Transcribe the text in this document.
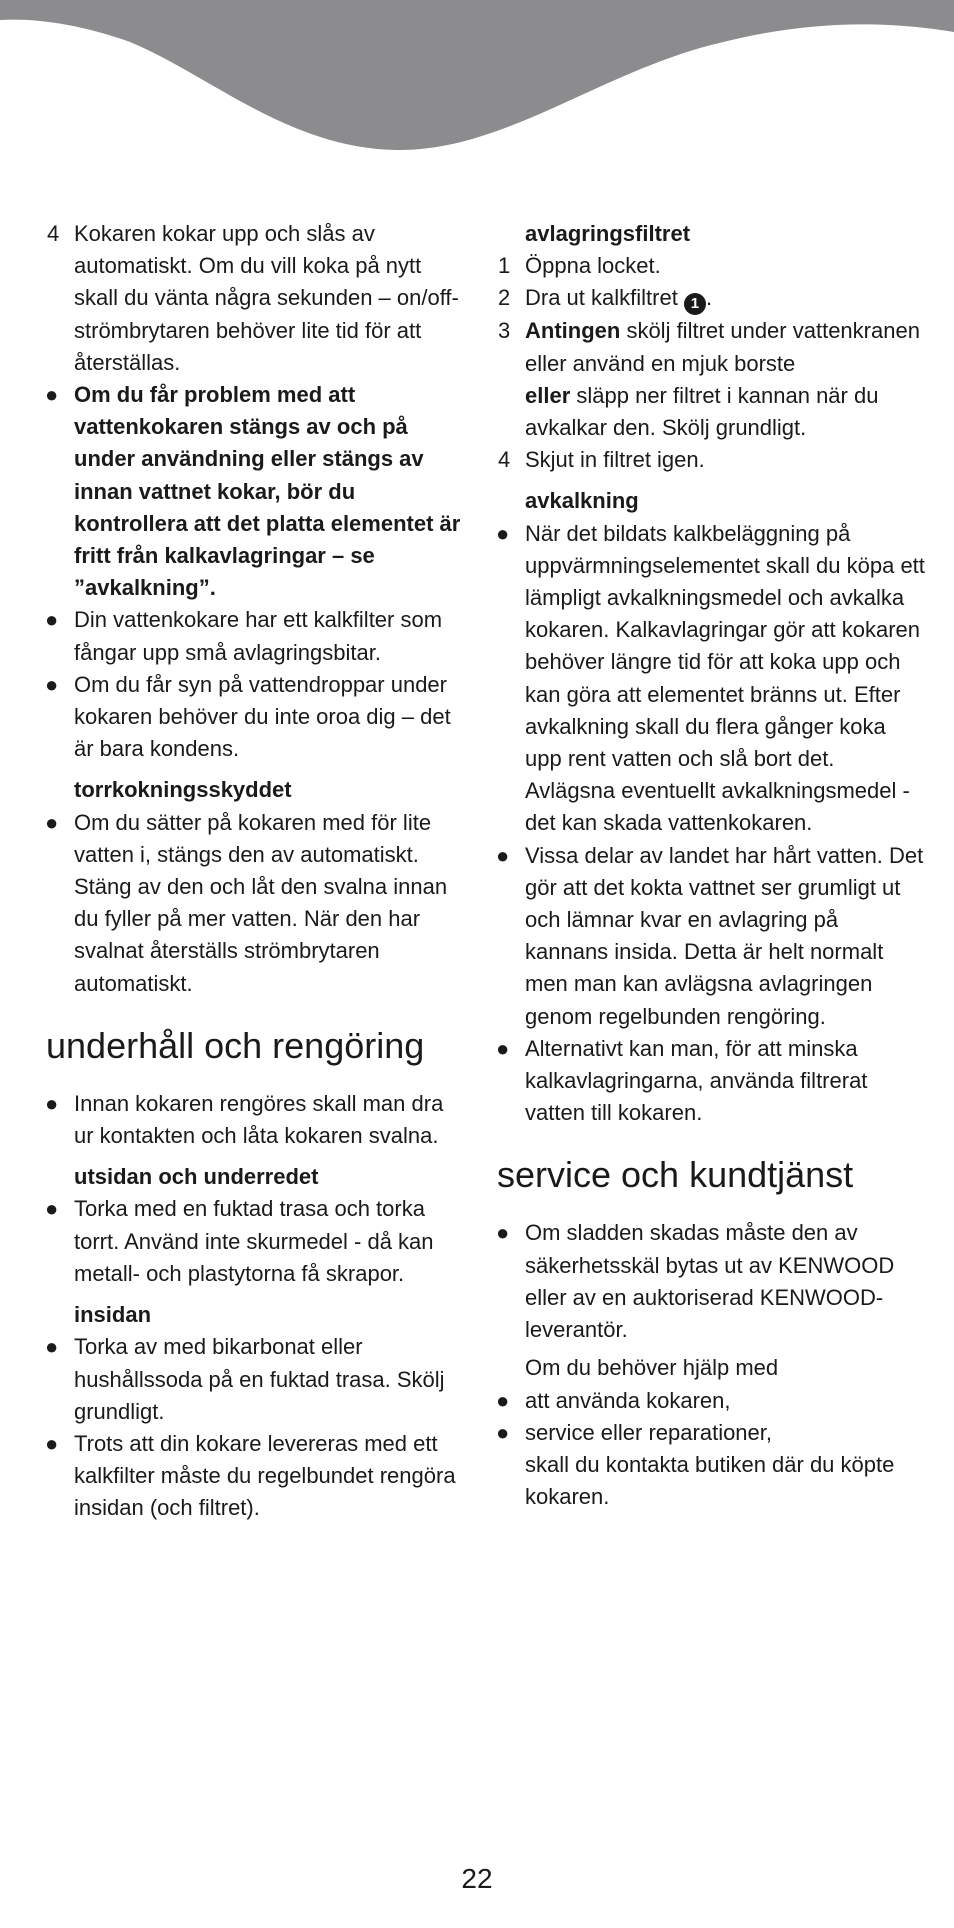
4 Kokaren kokar upp och slås av automatiskt. Om du vill koka på nytt skall du vänta några sekunden – on/off-strömbrytaren behöver lite tid för att återställas.
● Om du får problem med att vattenkokaren stängs av och på under användning eller stängs av innan vattnet kokar, bör du kontrollera att det platta elementet är fritt från kalkavlagringar – se ”avkalkning”.
● Din vattenkokare har ett kalkfilter som fångar upp små avlagringsbitar.
● Om du får syn på vattendroppar under kokaren behöver du inte oroa dig – det är bara kondens.
torrkokningsskyddet
● Om du sätter på kokaren med för lite vatten i, stängs den av automatiskt. Stäng av den och låt den svalna innan du fyller på mer vatten. När den har svalnat återställs strömbrytaren automatiskt.
underhåll och rengöring
● Innan kokaren rengöres skall man dra ur kontakten och låta kokaren svalna.
utsidan och underredet
● Torka med en fuktad trasa och torka torrt. Använd inte skurmedel - då kan metall- och plastytorna få skrapor.
insidan
● Torka av med bikarbonat eller hushållssoda på en fuktad trasa. Skölj grundligt.
● Trots att din kokare levereras med ett kalkfilter måste du regelbundet rengöra insidan (och filtret).
avlagringsfiltret
1 Öppna locket.
2 Dra ut kalkfiltret 1 .
3 Antingen skölj filtret under vattenkranen eller använd en mjuk borste
eller släpp ner filtret i kannan när du avkalkar den. Skölj grundligt.
4 Skjut in filtret igen.
avkalkning
● När det bildats kalkbeläggning på uppvärmningselementet skall du köpa ett lämpligt avkalkningsmedel och avkalka kokaren. Kalkavlagringar gör att kokaren behöver längre tid för att koka upp och kan göra att elementet bränns ut. Efter avkalkning skall du flera gånger koka upp rent vatten och slå bort det. Avlägsna eventuellt avkalkningsmedel - det kan skada vattenkokaren.
● Vissa delar av landet har hårt vatten. Det gör att det kokta vattnet ser grumligt ut och lämnar kvar en avlagring på kannans insida. Detta är helt normalt men man kan avlägsna avlagringen genom regelbunden rengöring.
● Alternativt kan man, för att minska kalkavlagringarna, använda filtrerat vatten till kokaren.
service och kundtjänst
● Om sladden skadas måste den av säkerhetsskäl bytas ut av KENWOOD eller av en auktoriserad KENWOOD-leverantör.
Om du behöver hjälp med
● att använda kokaren,
● service eller reparationer,
skall du kontakta butiken där du köpte kokaren.
22
